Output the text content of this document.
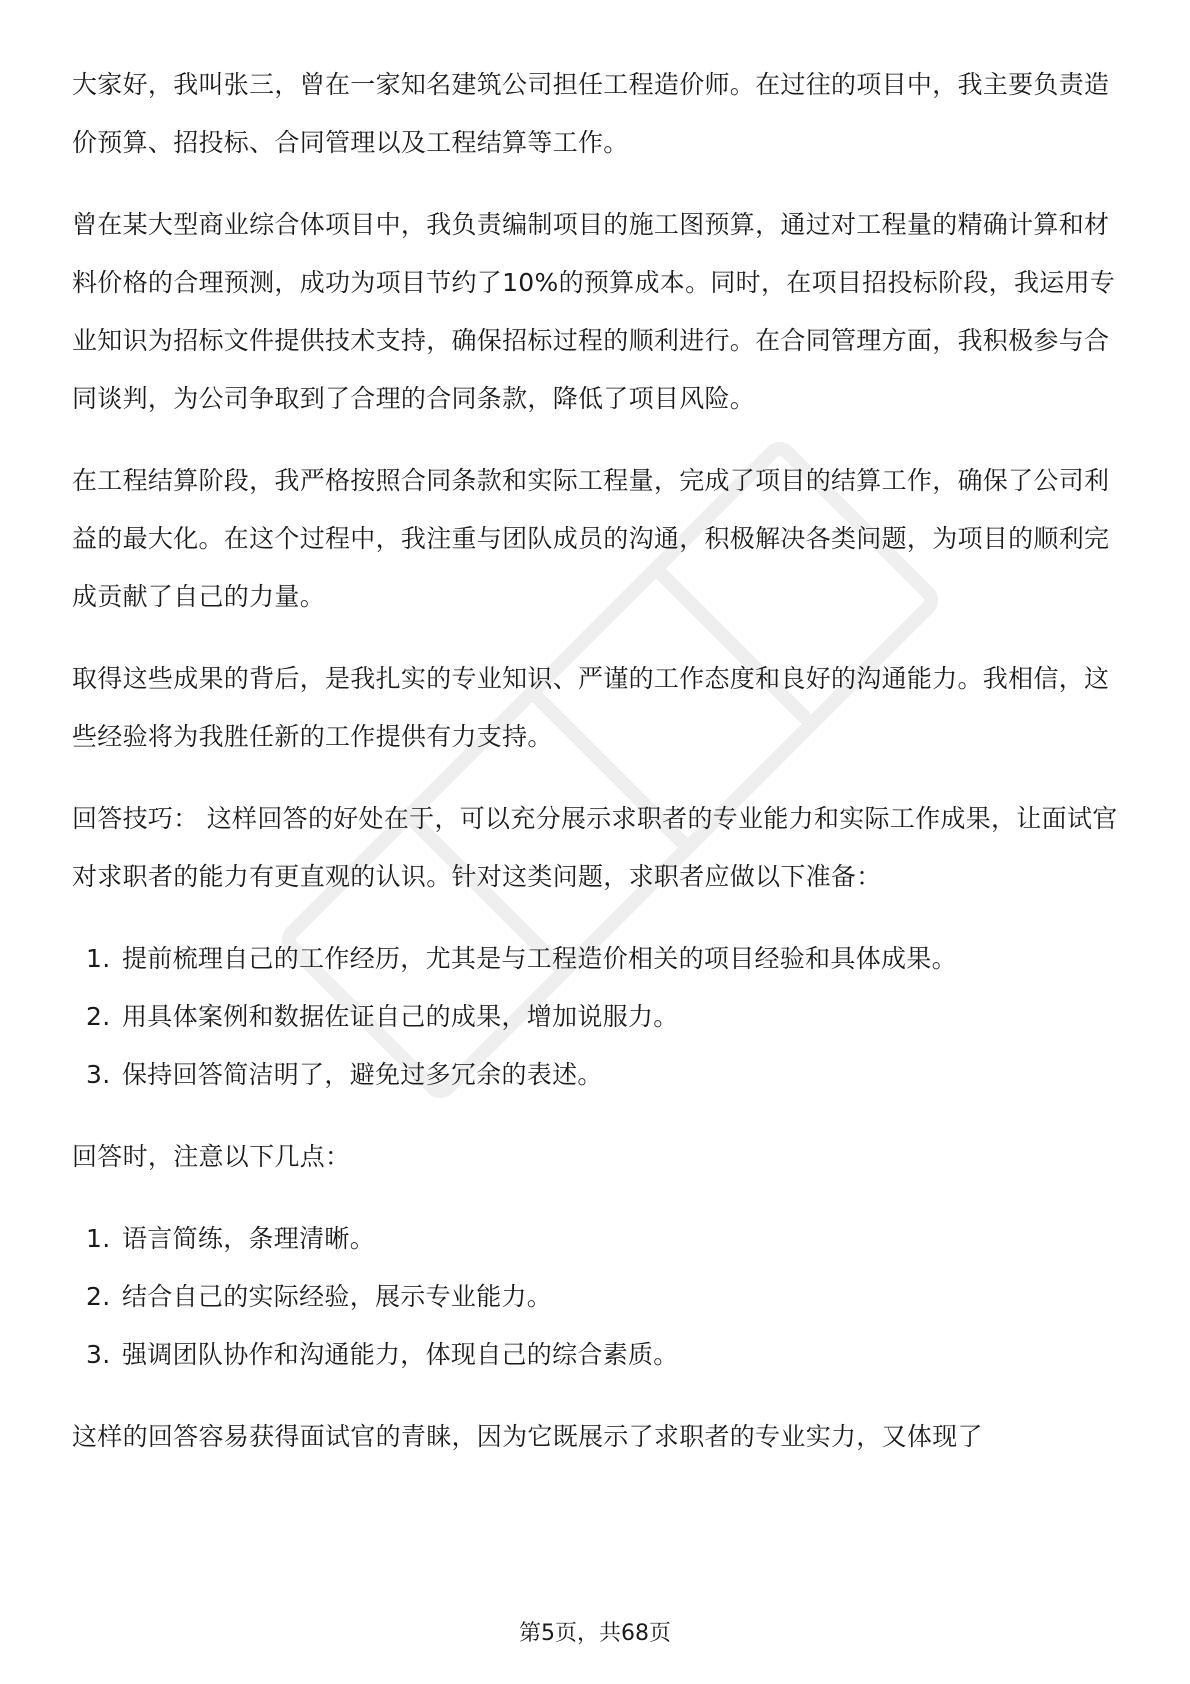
大家好，我叫张三，曾在一家知名建筑公司担任工程造价师。在过往的项目中，我主要负责造价预算、招投标、合同管理以及工程结算等工作。

曾在某大型商业综合体项目中，我负责编制项目的施工图预算，通过对工程量的精确计算和材料价格的合理预测，成功为项目节约了10%的预算成本。同时，在项目招投标阶段，我运用专业知识为招标文件提供技术支持，确保招标过程的顺利进行。在合同管理方面，我积极参与合同谈判，为公司争取到了合理的合同条款，降低了项目风险。

在工程结算阶段，我严格按照合同条款和实际工程量，完成了项目的结算工作，确保了公司利益的最大化。在这个过程中，我注重与团队成员的沟通，积极解决各类问题，为项目的顺利完成贡献了自己的力量。

取得这些成果的背后，是我扎实的专业知识、严谨的工作态度和良好的沟通能力。我相信，这些经验将为我胜任新的工作提供有力支持。

回答技巧： 这样回答的好处在于，可以充分展示求职者的专业能力和实际工作成果，让面试官对求职者的能力有更直观的认识。针对这类问题，求职者应做以下准备：

1. 提前梳理自己的工作经历，尤其是与工程造价相关的项目经验和具体成果。
2. 用具体案例和数据佐证自己的成果，增加说服力。
3. 保持回答简洁明了，避免过多冗余的表述。

回答时，注意以下几点：

1. 语言简练，条理清晰。
2. 结合自己的实际经验，展示专业能力。
3. 强调团队协作和沟通能力，体现自己的综合素质。

这样的回答容易获得面试官的青睐，因为它既展示了求职者的专业实力，又体现了

第5页，共68页
